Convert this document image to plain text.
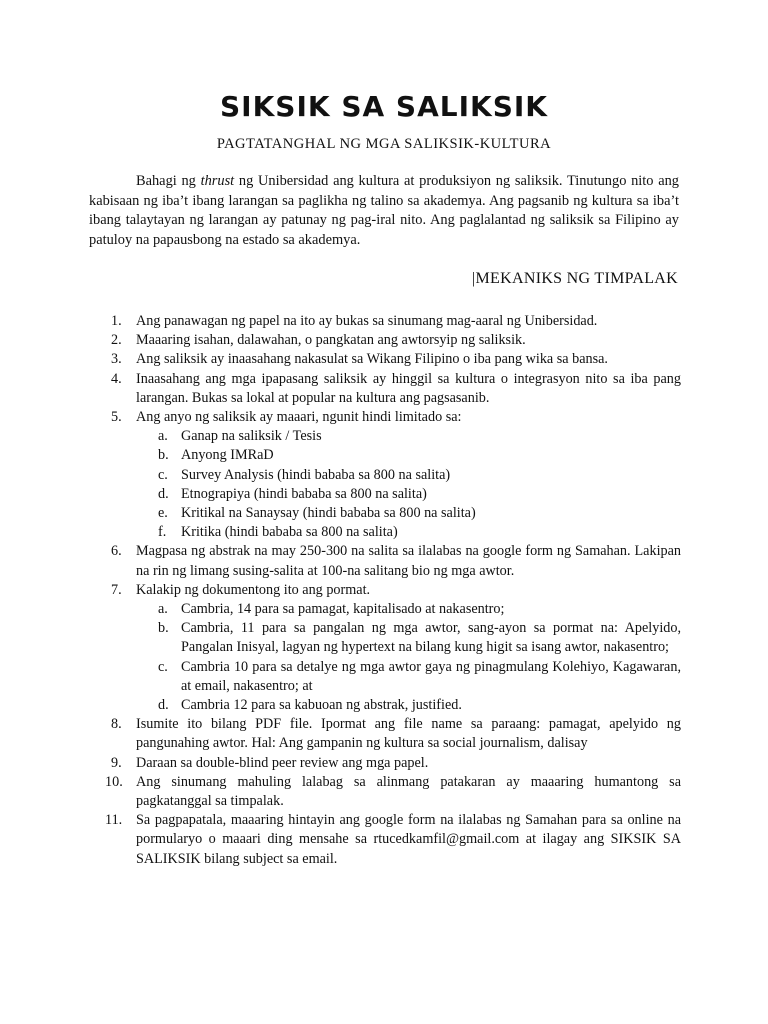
SIKSIK SA SALIKSIK
PAGTATANGHAL NG MGA SALIKSIK-KULTURA

Bahagi ng thrust ng Unibersidad ang kultura at produksiyon ng saliksik. Tinutungo nito ang kabisaan ng iba’t ibang larangan sa paglikha ng talino sa akademya. Ang pagsanib ng kultura sa iba’t ibang talaytayan ng larangan ay patunay ng pag-iral nito. Ang paglalantad ng saliksik sa Filipino ay patuloy na papausbong na estado sa akademya.

|MEKANIKS NG TIMPALAK
1.	Ang panawagan ng papel na ito ay bukas sa sinumang mag-aaral ng Unibersidad.
2.	Maaaring isahan, dalawahan, o pangkatan ang awtorsyip ng saliksik.
3.	Ang saliksik ay inaasahang nakasulat sa Wikang Filipino o iba pang wika sa bansa.
4.	Inaasahang ang mga ipapasang saliksik ay hinggil sa kultura o integrasyon nito sa iba pang larangan. Bukas sa lokal at popular na kultura ang pagsasanib.
5.	Ang anyo ng saliksik ay maaari, ngunit hindi limitado sa:
a. Ganap na saliksik / Tesis
b. Anyong IMRaD
c. Survey Analysis (hindi bababa sa 800 na salita)
d. Etnograpiya (hindi bababa sa 800 na salita)
e. Kritikal na Sanaysay (hindi bababa sa 800 na salita)
f. Kritika (hindi bababa sa 800 na salita)
6.	Magpasa ng abstrak na may 250-300 na salita sa ilalabas na google form ng Samahan. Lakipan na rin ng limang susing-salita at 100-na salitang bio ng mga awtor.
7.	Kalakip ng dokumentong ito ang pormat.
a. Cambria, 14 para sa pamagat, kapitalisado at nakasentro;
b. Cambria, 11 para sa pangalan ng mga awtor, sang-ayon sa pormat na: Apelyido, Pangalan Inisyal, lagyan ng hypertext na bilang kung higit sa isang awtor, nakasentro;
c. Cambria 10 para sa detalye ng mga awtor gaya ng pinagmulang Kolehiyo, Kagawaran, at email, nakasentro; at
d. Cambria 12 para sa kabuoan ng abstrak, justified.
8.	Isumite ito bilang PDF file. Ipormat ang file name sa paraang: pamagat, apelyido ng pangunahing awtor. Hal: Ang gampanin ng kultura sa social journalism, dalisay
9.	Daraan sa double-blind peer review ang mga papel.
10. Ang sinumang mahuling lalabag sa alinmang patakaran ay maaaring humantong sa pagkatanggal sa timpalak.
11. Sa pagpapatala, maaaring hintayin ang google form na ilalabas ng Samahan para sa online na pormularyo o maaari ding mensahe sa rtucedkamfil@gmail.com at ilagay ang SIKSIK SA SALIKSIK bilang subject sa email.
